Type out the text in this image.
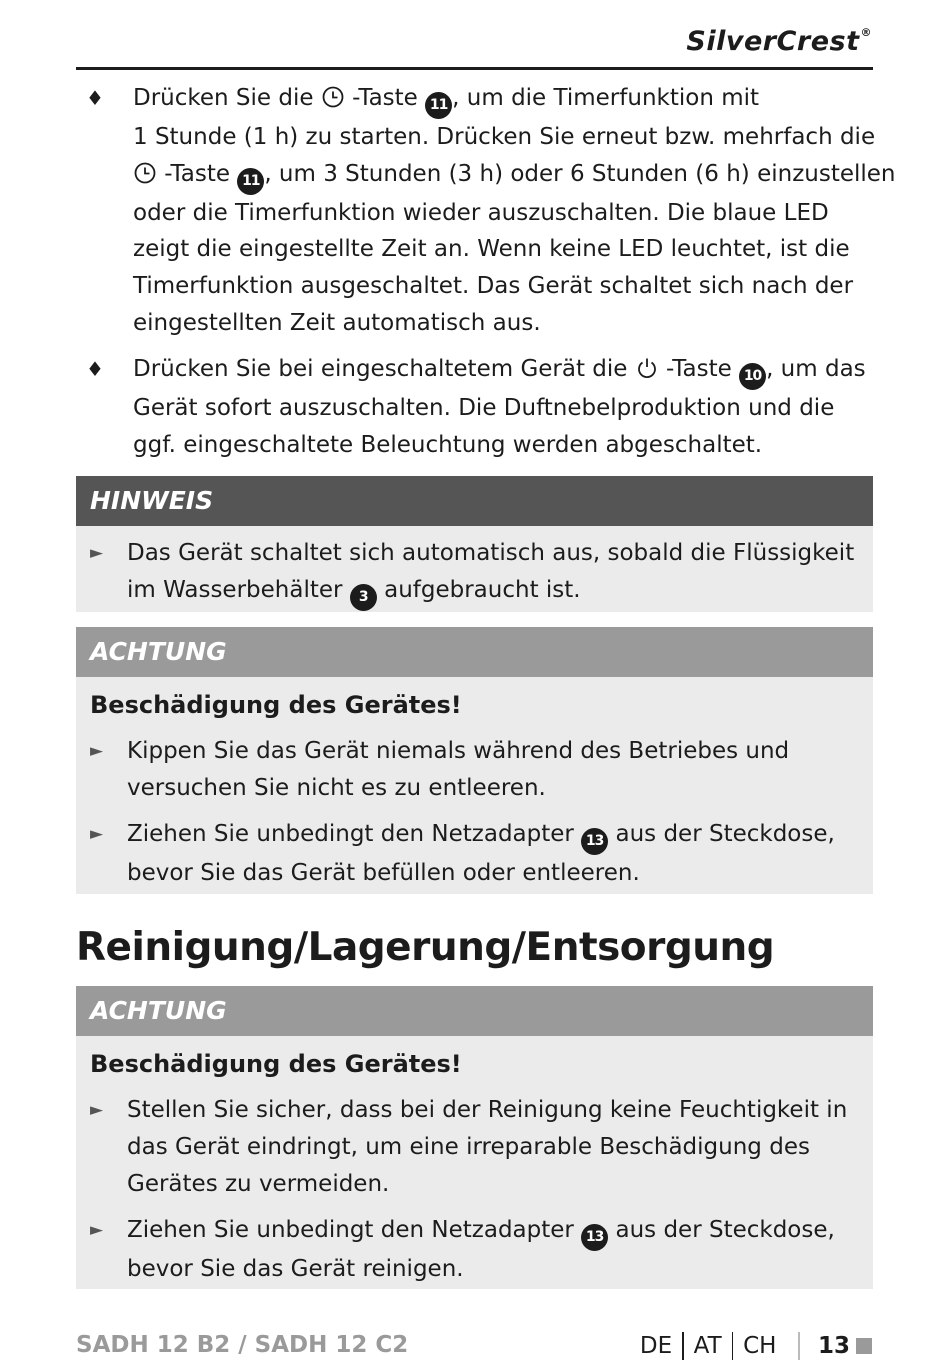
SilverCrest®
♦ Drücken Sie die  -Taste 11 , um die Timerfunktion mit
1 Stunde (1 h) zu starten. Drücken Sie erneut bzw. mehrfach die
-Taste 11 , um 3 Stunden (3 h) oder 6 Stunden (6 h) einzustellen
oder die Timerfunktion wieder auszuschalten. Die blaue LED
zeigt die eingestellte Zeit an. Wenn keine LED leuchtet, ist die
Timerfunktion ausgeschaltet. Das Gerät schaltet sich nach der
eingestellten Zeit automatisch aus.
♦ Drücken Sie bei eingeschaltetem Gerät die  -Taste 10 , um das
Gerät sofort auszuschalten. Die Duftnebelproduktion und die
ggf. eingeschaltete Beleuchtung werden abgeschaltet.
HINWEIS
► Das Gerät schaltet sich automatisch aus, sobald die Flüssigkeit
im Wasserbehälter 3 aufgebraucht ist.
ACHTUNG
Beschädigung des Gerätes!
► Kippen Sie das Gerät niemals während des Betriebes und
versuchen Sie nicht es zu entleeren.
► Ziehen Sie unbedingt den Netzadapter 13 aus der Steckdose,
bevor Sie das Gerät befüllen oder entleeren.
Reinigung/Lagerung/Entsorgung
ACHTUNG
Beschädigung des Gerätes!
► Stellen Sie sicher, dass bei der Reinigung keine Feuchtigkeit in
das Gerät eindringt, um eine irreparable Beschädigung des
Gerätes zu vermeiden.
► Ziehen Sie unbedingt den Netzadapter 13 aus der Steckdose,
bevor Sie das Gerät reinigen.
SADH 12 B2 / SADH 12 C2	DE AT CH 13
